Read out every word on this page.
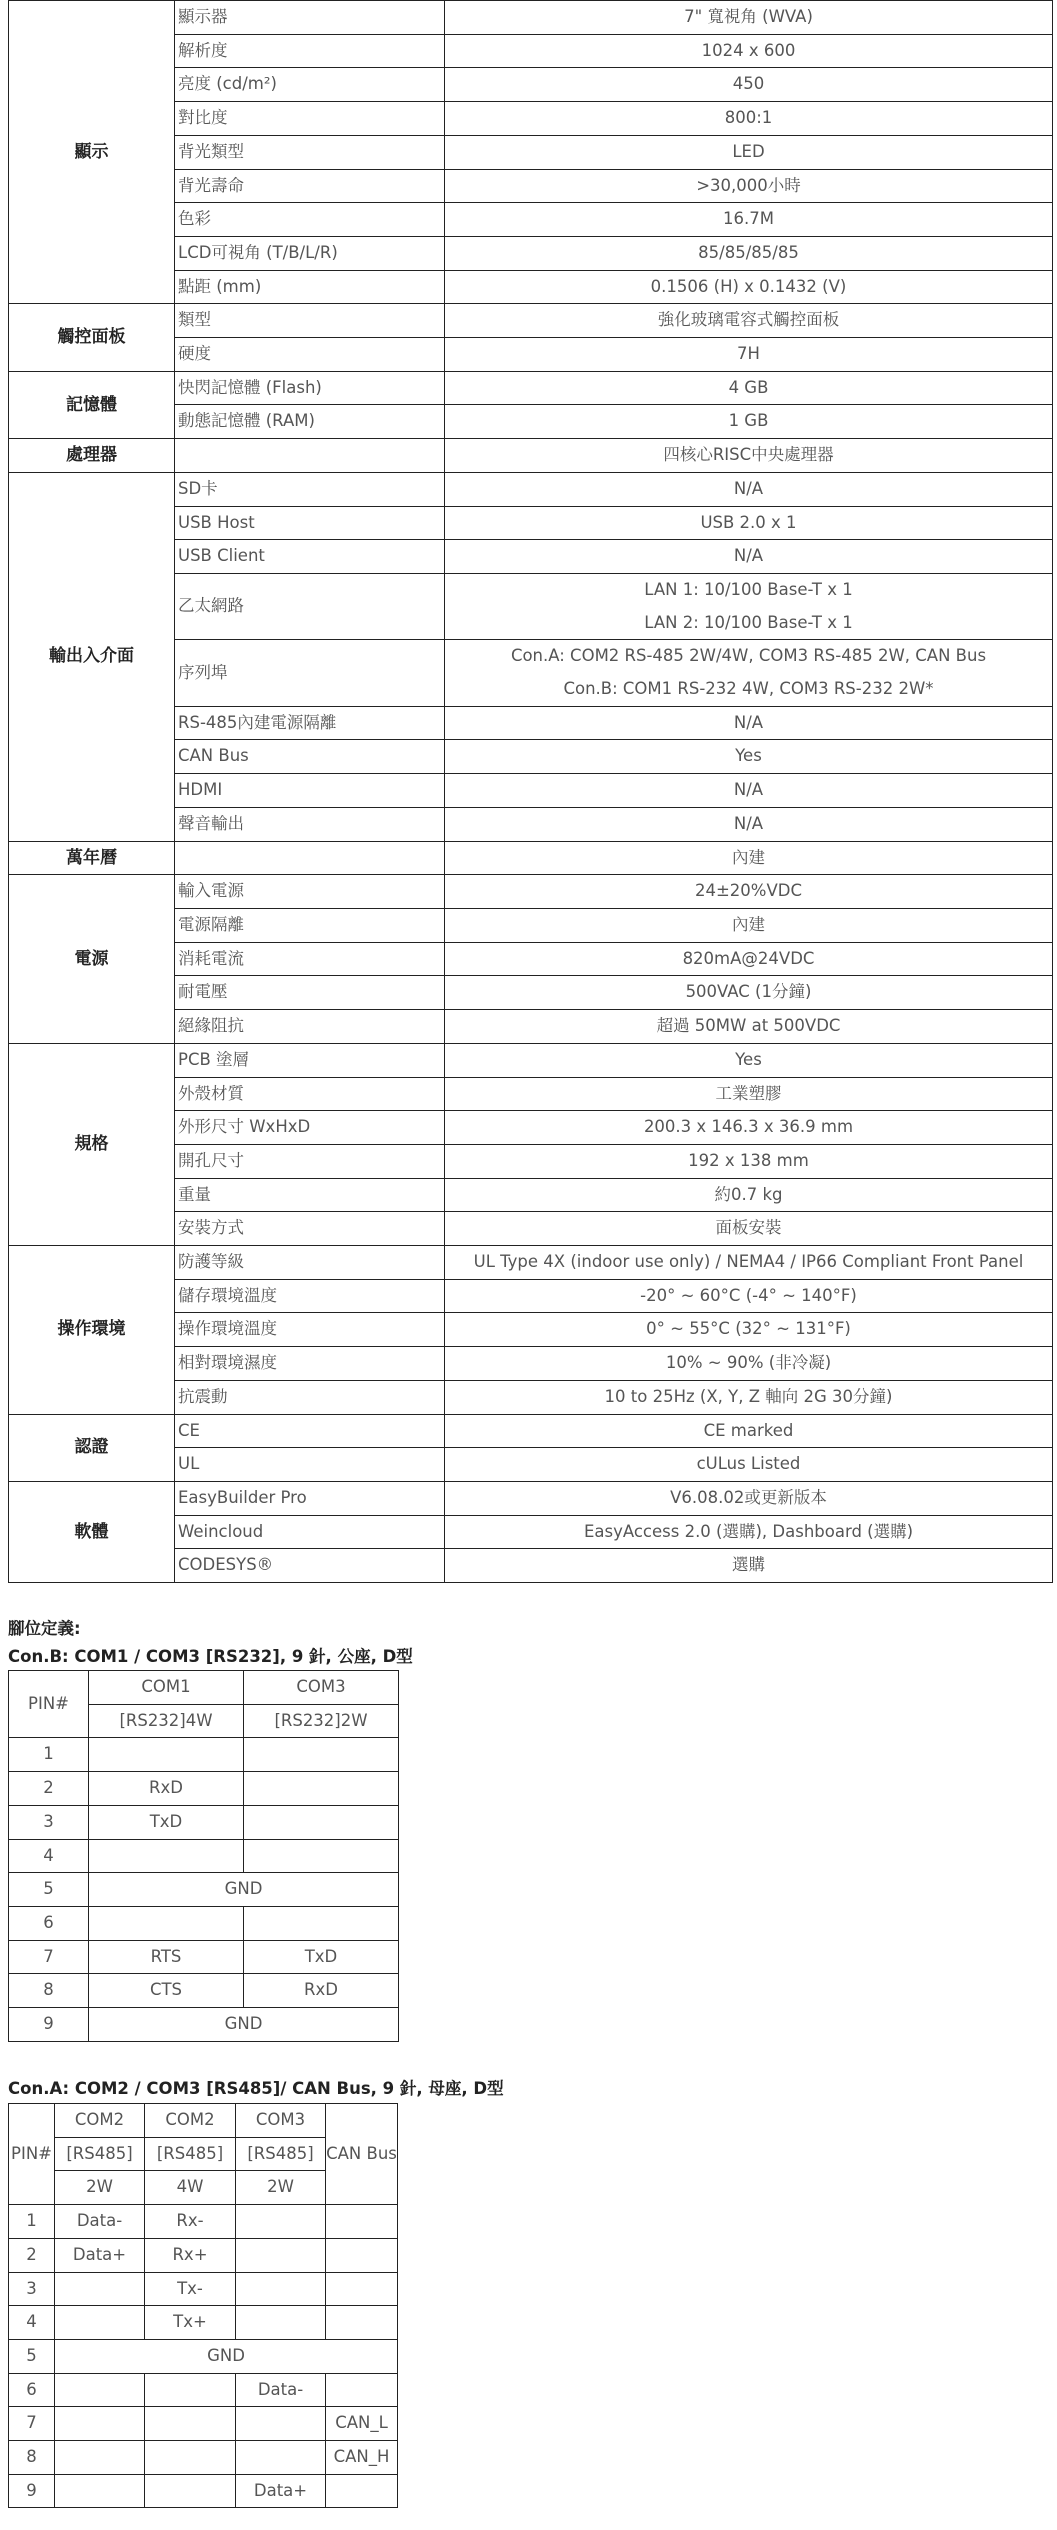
顯示	顯示器	7" 寬視角 (WVA)
	解析度	1024 x 600
	亮度 (cd/m²)	450
	對比度	800:1
	背光類型	LED
	背光壽命	>30,000小時
	色彩	16.7M
	LCD可視角 (T/B/L/R)	85/85/85/85
	點距 (mm)	0.1506 (H) x 0.1432 (V)
觸控面板	類型	強化玻璃電容式觸控面板
	硬度	7H
記憶體	快閃記憶體 (Flash)	4 GB
	動態記憶體 (RAM)	1 GB
處理器		四核心RISC中央處理器
輸出入介面	SD卡	N/A
	USB Host	USB 2.0 x 1
	USB Client	N/A
	乙太網路	LAN 1: 10/100 Base-T x 1
		LAN 2: 10/100 Base-T x 1
	序列埠	Con.A: COM2 RS-485 2W/4W, COM3 RS-485 2W, CAN Bus
		Con.B: COM1 RS-232 4W, COM3 RS-232 2W*
	RS-485內建電源隔離	N/A
	CAN Bus	Yes
	HDMI	N/A
	聲音輸出	N/A
萬年曆		內建
電源	輸入電源	24±20%VDC
	電源隔離	內建
	消耗電流	820mA@24VDC
	耐電壓	500VAC (1分鐘)
	絕緣阻抗	超過 50MW at 500VDC
規格	PCB 塗層	Yes
	外殼材質	工業塑膠
	外形尺寸 WxHxD	200.3 x 146.3 x 36.9 mm
	開孔尺寸	192 x 138 mm
	重量	約0.7 kg
	安裝方式	面板安裝
操作環境	防護等級	UL Type 4X (indoor use only) / NEMA4 / IP66 Compliant Front Panel
	儲存環境溫度	-20° ~ 60°C (-4° ~ 140°F)
	操作環境溫度	0° ~ 55°C (32° ~ 131°F)
	相對環境濕度	10% ~ 90% (非冷凝)
	抗震動	10 to 25Hz (X, Y, Z 軸向 2G 30分鐘)
認證	CE	CE marked
	UL	cULus Listed
軟體	EasyBuilder Pro	V6.08.02或更新版本
	Weincloud	EasyAccess 2.0 (選購), Dashboard (選購)
	CODESYS®	選購
腳位定義:
Con.B: COM1 / COM3 [RS232], 9 針, 公座, D型
PIN#	COM1	COM3
	[RS232]4W	[RS232]2W
1		
2	RxD	
3	TxD	
4		
5	GND	
6		
7	RTS	TxD
8	CTS	RxD
9	GND	
Con.A: COM2 / COM3 [RS485]/ CAN Bus, 9 針, 母座, D型
PIN#	COM2	COM2	COM3	CAN Bus
	[RS485]	[RS485]	[RS485]	
	2W	4W	2W	
1	Data-	Rx-		
2	Data+	Rx+		
3		Tx-		
4		Tx+		
5	GND			
6			Data-	
7				CAN_L
8				CAN_H
9			Data+	
